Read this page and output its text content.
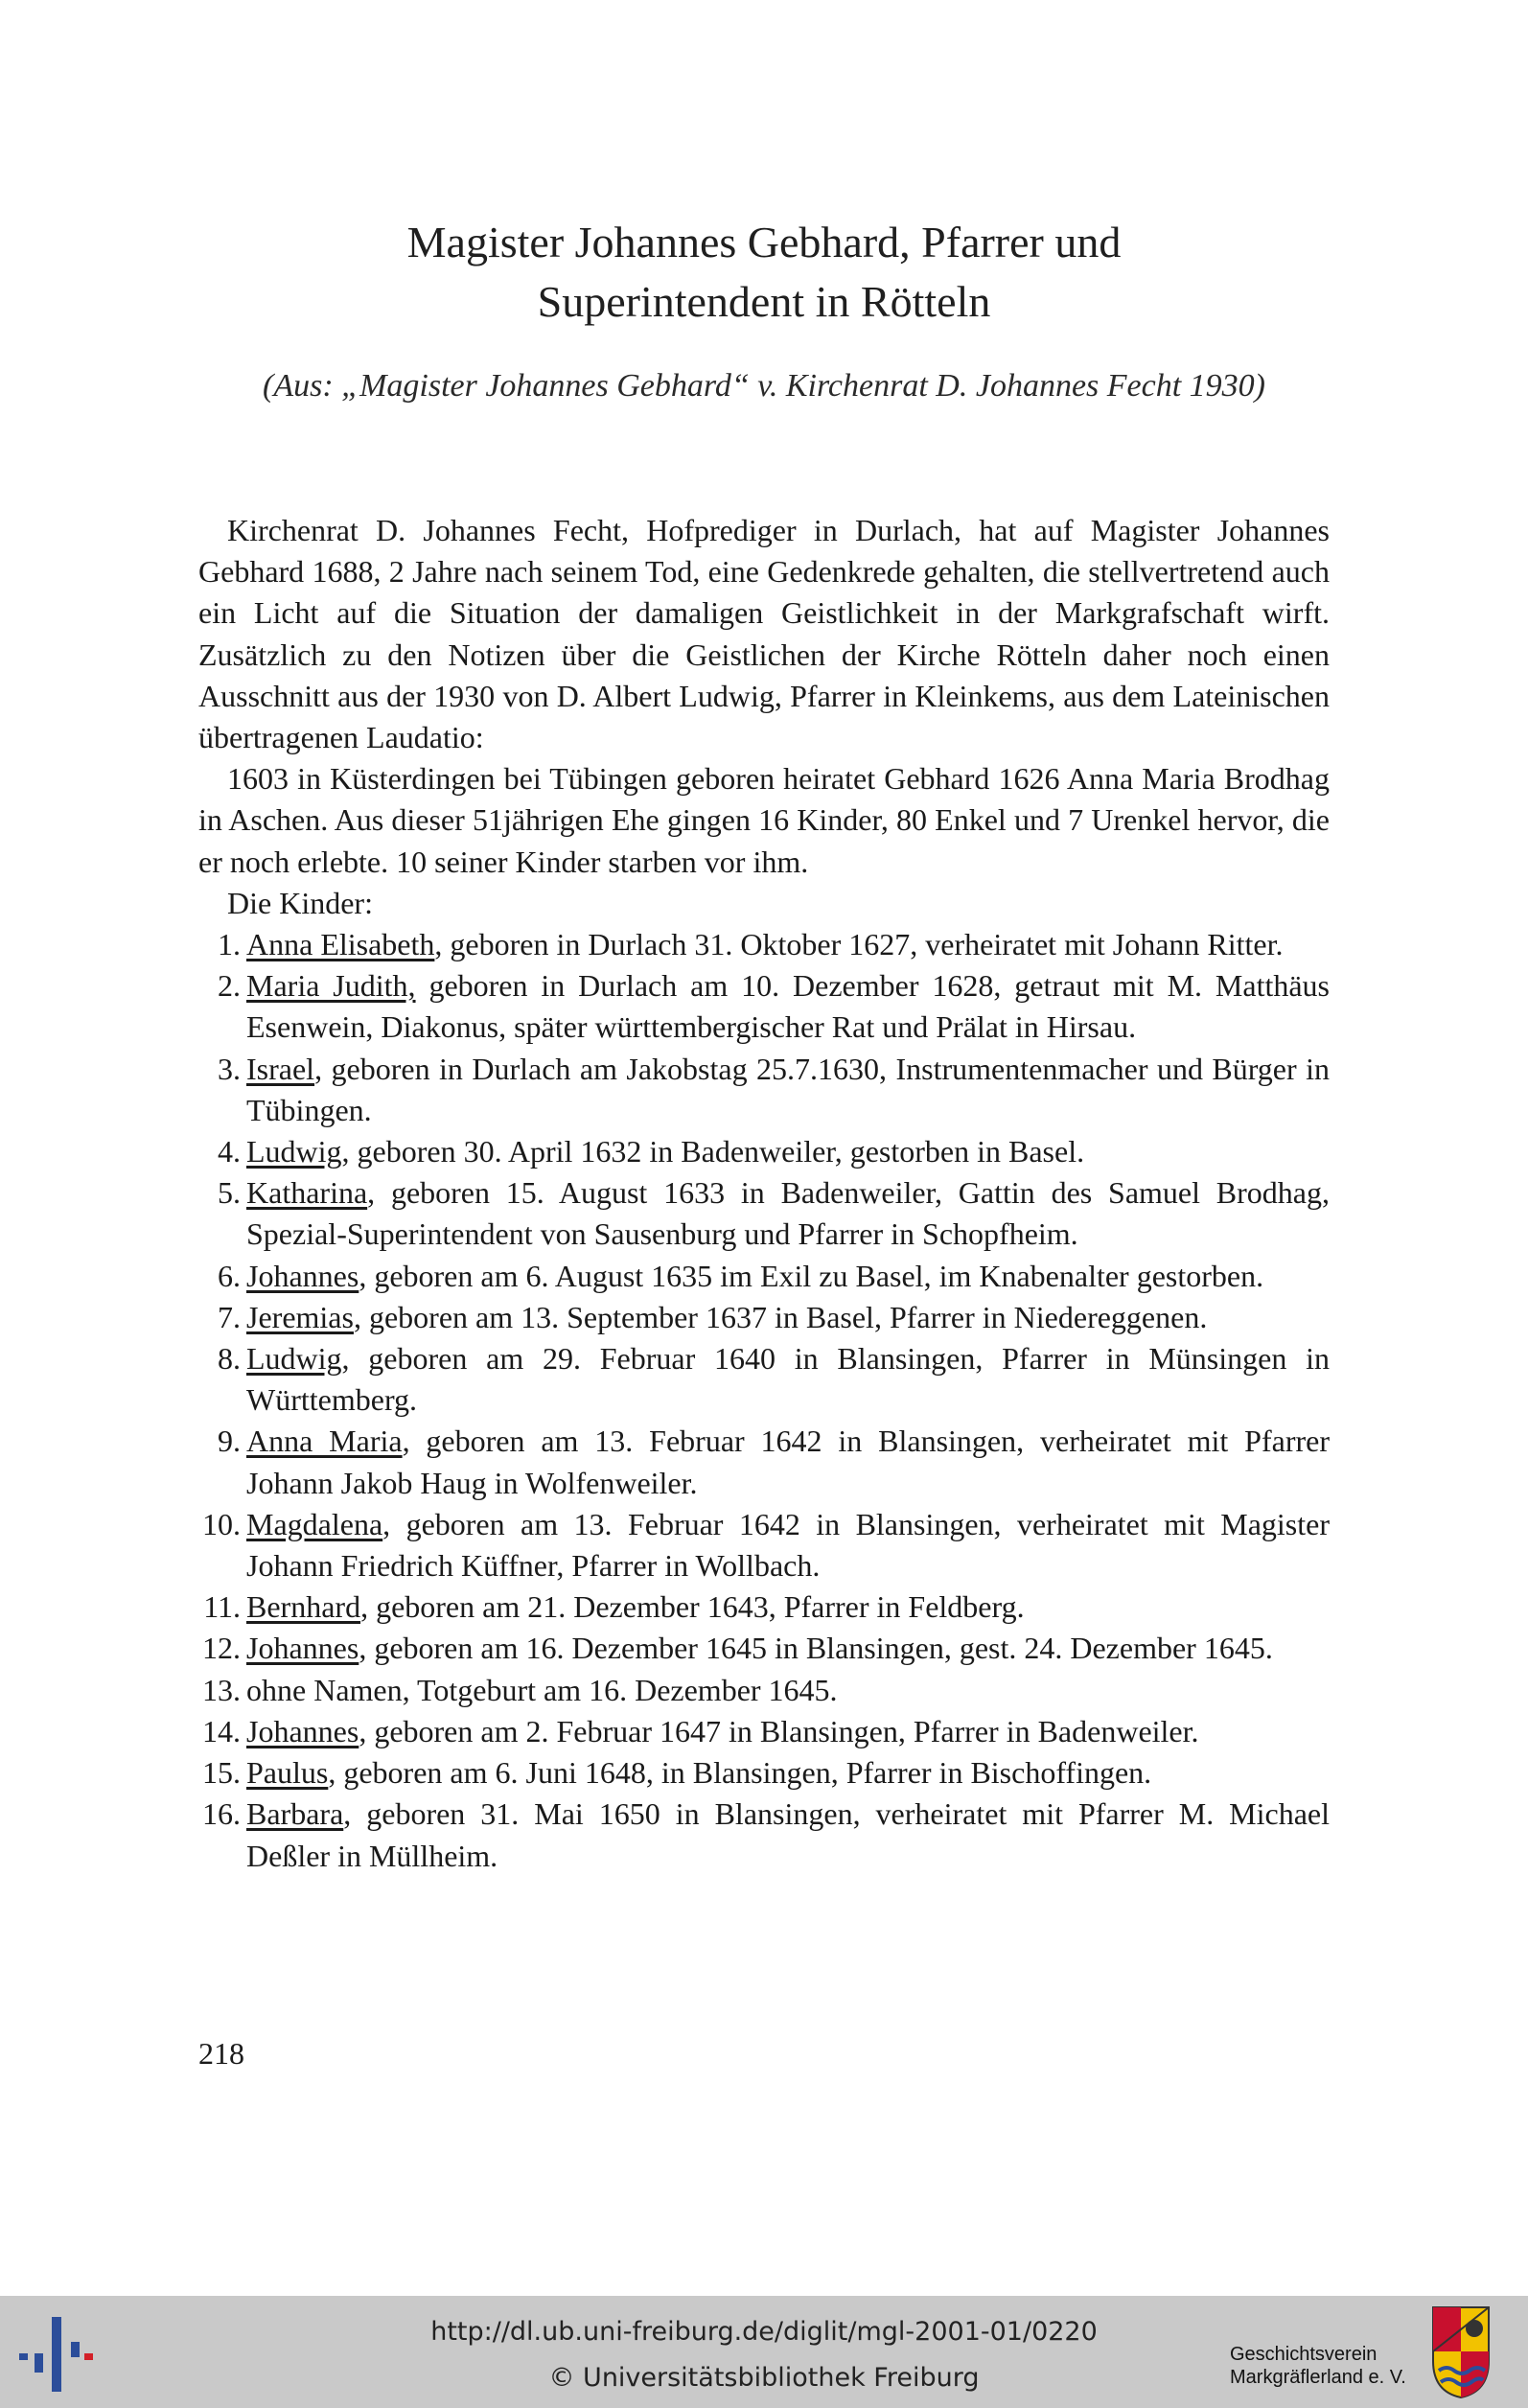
Magister Johannes Gebhard, Pfarrer und
Superintendent in Rötteln
(Aus: „Magister Johannes Gebhard“ v. Kirchenrat D. Johannes Fecht 1930)

Kirchenrat D. Johannes Fecht, Hofprediger in Durlach, hat auf Magister Johannes Gebhard 1688, 2 Jahre nach seinem Tod, eine Gedenkrede gehalten, die stellvertretend auch ein Licht auf die Situation der damaligen Geistlichkeit in der Markgrafschaft wirft. Zusätzlich zu den Notizen über die Geistlichen der Kirche Rötteln daher noch einen Ausschnitt aus der 1930 von D. Albert Ludwig, Pfarrer in Kleinkems, aus dem Lateinischen übertragenen Laudatio:

1603 in Küsterdingen bei Tübingen geboren heiratet Gebhard 1626 Anna Maria Brodhag in Aschen. Aus dieser 51jährigen Ehe gingen 16 Kinder, 80 Enkel und 7 Urenkel hervor, die er noch erlebte. 10 seiner Kinder starben vor ihm.

Die Kinder:

1. Anna Elisabeth, geboren in Durlach 31. Oktober 1627, verheiratet mit Johann Ritter.
2. Maria Judith, geboren in Durlach am 10. Dezember 1628, getraut mit M. Matthäus Esenwein, Diakonus, später württembergischer Rat und Prälat in Hirsau.
3. Israel, geboren in Durlach am Jakobstag 25.7.1630, Instrumentenmacher und Bürger in Tübingen.
4. Ludwig, geboren 30. April 1632 in Badenweiler, gestorben in Basel.
5. Katharina, geboren 15. August 1633 in Badenweiler, Gattin des Samuel Brodhag, Spezial-Superintendent von Sausenburg und Pfarrer in Schopfheim.
6. Johannes, geboren am 6. August 1635 im Exil zu Basel, im Knabenalter gestorben.
7. Jeremias, geboren am 13. September 1637 in Basel, Pfarrer in Niedereggenen.
8. Ludwig, geboren am 29. Februar 1640 in Blansingen, Pfarrer in Münsingen in Württemberg.
9. Anna Maria, geboren am 13. Februar 1642 in Blansingen, verheiratet mit Pfarrer Johann Jakob Haug in Wolfenweiler.
10. Magdalena, geboren am 13. Februar 1642 in Blansingen, verheiratet mit Magister Johann Friedrich Küffner, Pfarrer in Wollbach.
11. Bernhard, geboren am 21. Dezember 1643, Pfarrer in Feldberg.
12. Johannes, geboren am 16. Dezember 1645 in Blansingen, gest. 24. Dezember 1645.
13. ohne Namen, Totgeburt am 16. Dezember 1645.
14. Johannes, geboren am 2. Februar 1647 in Blansingen, Pfarrer in Badenweiler.
15. Paulus, geboren am 6. Juni 1648, in Blansingen, Pfarrer in Bischoffingen.
16. Barbara, geboren 31. Mai 1650 in Blansingen, verheiratet mit Pfarrer M. Michael Deßler in Müllheim.
218
http://dl.ub.uni-freiburg.de/diglit/mgl-2001-01/0220
© Universitätsbibliothek Freiburg
Geschichtsverein
Markgräflerland e. V.
